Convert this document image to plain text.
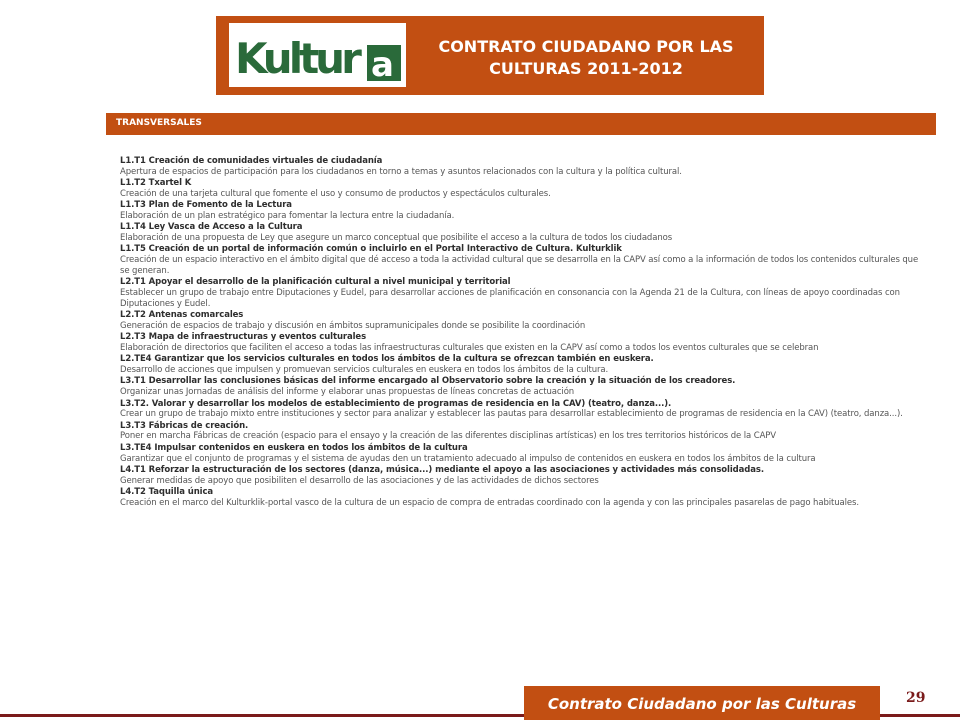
Kultur a	CONTRATO CIUDADANO POR LAS
CULTURAS 2011-2012
TRANSVERSALES
L1.T1 Creación de comunidades virtuales de ciudadanía
Apertura de espacios de participación para los ciudadanos en torno a temas y asuntos relacionados con la cultura y la política cultural.
L1.T2 Txartel K
Creación de una tarjeta cultural que fomente el uso y consumo de productos y espectáculos culturales.
L1.T3 Plan de Fomento de la Lectura
Elaboración de un plan estratégico para fomentar la lectura entre la ciudadanía.
L1.T4 Ley Vasca de Acceso a la Cultura
Elaboración de una propuesta de Ley que asegure un marco conceptual que posibilite el acceso a la cultura de todos los ciudadanos
L1.T5 Creación de un portal de información común o incluirlo en el Portal Interactivo de Cultura. Kulturklik
Creación de un espacio interactivo en el ámbito digital que dé acceso a toda la actividad cultural que se desarrolla en la CAPV así como a la información de todos los contenidos culturales que se generan.
L2.T1 Apoyar el desarrollo de la planificación cultural a nivel municipal y territorial
Establecer un grupo de trabajo entre Diputaciones y Eudel, para desarrollar acciones de planificación en consonancia con la Agenda 21 de la Cultura, con líneas de apoyo coordinadas con Diputaciones y Eudel.
L2.T2 Antenas comarcales
Generación de espacios de trabajo y discusión en ámbitos supramunicipales donde se posibilite la coordinación
L2.T3 Mapa de infraestructuras y eventos culturales
Elaboración de directorios que faciliten el acceso a todas las infraestructuras culturales que existen en la CAPV así como a todos los eventos culturales que se celebran
L2.TE4 Garantizar que los servicios culturales en todos los ámbitos de la cultura se ofrezcan también en euskera.
Desarrollo de acciones que impulsen y promuevan servicios culturales en euskera en todos los ámbitos de la cultura.
L3.T1 Desarrollar las conclusiones básicas del informe encargado al Observatorio sobre la creación y la situación de los creadores.
Organizar unas Jornadas de análisis del informe y elaborar unas propuestas de líneas concretas de actuación
L3.T2. Valorar y desarrollar los modelos de establecimiento de programas de residencia en la CAV) (teatro, danza...).
Crear un grupo de trabajo mixto entre instituciones y sector para analizar y establecer las pautas para desarrollar establecimiento de programas de residencia en la CAV) (teatro, danza...).
L3.T3 Fábricas de creación.
Poner en marcha Fábricas de creación (espacio para el ensayo y la creación de las diferentes disciplinas artísticas) en los tres territorios históricos de la CAPV
L3.TE4 Impulsar contenidos en euskera en todos los ámbitos de la cultura
Garantizar que el conjunto de programas y el sistema de ayudas den un tratamiento adecuado al impulso de contenidos en euskera en todos los ámbitos de la cultura
L4.T1 Reforzar la estructuración de los sectores (danza, música...) mediante el apoyo a las asociaciones y actividades más consolidadas.
Generar medidas de apoyo que posibiliten el desarrollo de las asociaciones y de las actividades de dichos sectores
L4.T2 Taquilla única
Creación en el marco del Kulturklik-portal vasco de la cultura de un espacio de compra de entradas coordinado con la agenda y con las principales pasarelas de pago habituales.
Contrato Ciudadano por las Culturas	29
